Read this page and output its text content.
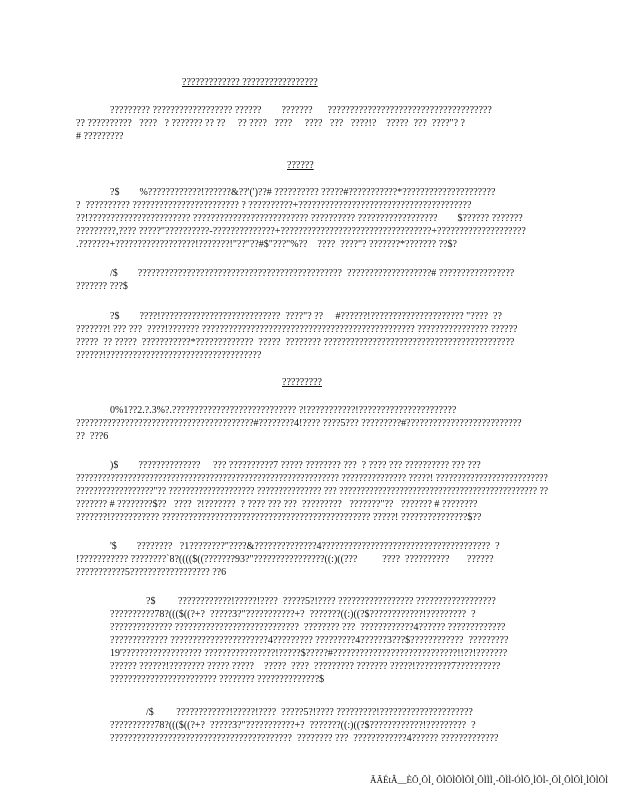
????????????? ?????????????????
????????? ?????????????????? ??????        ???????      ?????????????????????????????????????
?? ??????????   ????   ? ??????? ?? ??     ?? ????   ????     ????   ???   ????!?    ?????  ???  ????"? ?
# ?????????
??????
?$        %????????????!??????&??'(')??# ?????????? ?????#???????????*?????????????????????
?  ?????????? ???????????????????????? ? ??????????+???????????????????????????????????????
??!??????????????????????? ?????????????????????????? ?????????? ??????????????????        $?????? ???????
?????????,???? ?????"??????????-??????????????+??????????????????????????????????+????????????????????
.???????+??????????????????!???????!"??"??#$"???"%??    ????  ????"? ???????*??????? ??$?
/$        ??????????????????????????????????????????????  ???????????????????# ?????????????????
??????? ???$
?$        ????!???????????????????????????  ????"? ??     #??????!????????????????????? "????  ??
???????! ??? ???  ????!??????? ???????????????????????????????????????????????? ???????????????? ??????
?????  ?? ?????  ???????????*?????????????  ?????  ???????? ???????????????????????????????????????????
??????!???????????????????????????????????
?????????
0%1??2.?.3%?.???????????????????????????? ?!???????????!??????????????????????
????????????????????????????????????????#????????4!???? ????5??? ?????????#??????????????????????????
??  ???6
)$        ??????????????     ??? ??????????7 ????? ???????? ???  ? ???? ??? ?????????? ??? ???
????????????????????????????????????????????????????????????? ??????????????? ?????! ??????????????????????????
??????????????????"?? ???????????????????? ??????????????? ??? ?????????????????????????????????????????????? ??
??????? # ????????$??   ????  ?!???????  ? ???? ??? ???  ?????????   ???????"??   ??????? # ????????
???????!??????????? ??????????????????????????????????????????????? ?????! ???????????????$??
'$        ????????   ?1????????"????&??????????????4??????????????????????????????????????  ?
!??????????? ????????`8?(((($((???????93?"????????????????((:)((???          ????  ??????????       ??????
???????????5?????????????????? ??6
?$         ????????????!?????!????  ?????5?!???? ????????????????? ??????????????????
??????????78?((($((?+?  ?????3?"???????????+?  ???????((:)((?$????????????!?????????  ?
?????????????? ????????????????????????????  ???????? ???  ????????????4?????? ?????????????
????????????? ??????????????????????4????????? ?????????4??????3???$????????????  ?????????
19'?????????????????? ????????????????!?????$?????#????????????????????????????!!??!???????
?????? ??????!???????? ????? ?????    ?????  ????  ????????? ??????? ?????!????????7??????????
???????????????????????? ???????? ??????????????$
/$         ????????????!?????!????  ?????5?!???? ?????????!?????????????????????
??????????78?((($((?+?  ?????3?"???????????+?  ???????((:)((?$????????????!?????????  ?
?????????????????????????????????????????  ???????? ???  ????????????4?????? ?????????????
ÃÃÉtÂ__ÈÕ¸ÕÌ¸ ÕÌÕÌÕÌÕÌ¸ÕÌÌÌ¸-ÕÌÌ-ÓÌÕ¸ÌÕÌ-¸ÕÌ¸ÕÌÕÌ¸ÌÕÌÕÌ
